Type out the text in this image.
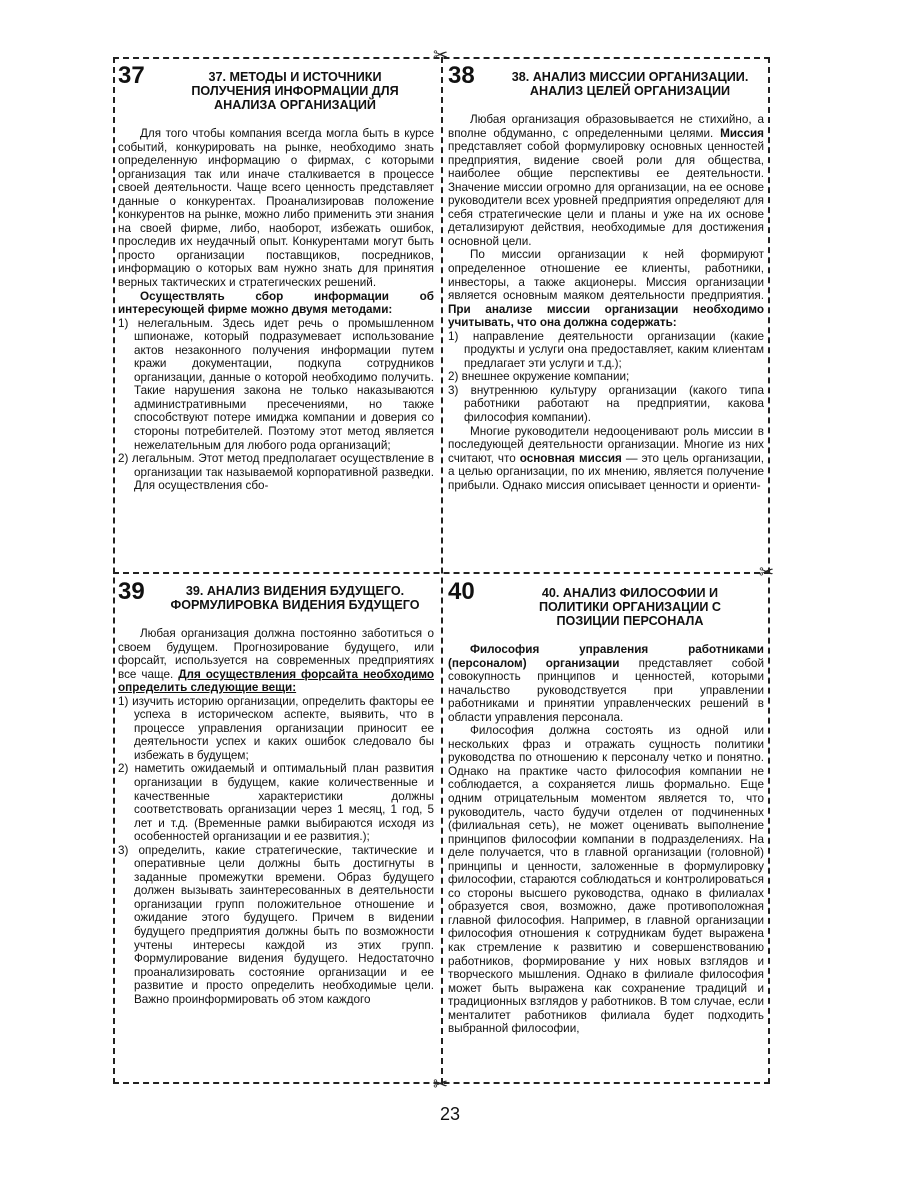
✂
✂
✂
37	37. МЕТОДЫ И ИСТОЧНИКИ ПОЛУЧЕНИЯ ИНФОРМАЦИИ ДЛЯ АНАЛИЗА ОРГАНИЗАЦИЙ

Для того чтобы компания всегда могла быть в курсе событий, конкурировать на рынке, необходимо знать определенную информацию о фирмах, с которыми организация так или иначе сталкивается в процессе своей деятельности. Чаще всего ценность представляет данные о конкурентах. Проанализировав положение конкурентов на рынке, можно либо применить эти знания на своей фирме, либо, наоборот, избежать ошибок, проследив их неудачный опыт. Конкурентами могут быть просто организации поставщиков, посредников, информацию о которых вам нужно знать для принятия верных тактических и стратегических решений.

Осуществлять сбор информации об интересующей фирме можно двумя методами:

1) нелегальным. Здесь идет речь о промышленном шпионаже, который подразумевает использование актов незаконного получения информации путем кражи документации, подкупа сотрудников организации, данные о которой необходимо получить. Такие нарушения закона не только наказываются административными пресечениями, но также способствуют потере имиджа компании и доверия со стороны потребителей. Поэтому этот метод является нежелательным для любого рода организаций;
2) легальным. Этот метод предполагает осуществление в организации так называемой корпоративной разведки. Для осуществления сбо-
38	38. АНАЛИЗ МИССИИ ОРГАНИЗАЦИИ. АНАЛИЗ ЦЕЛЕЙ ОРГАНИЗАЦИИ

Любая организация образовывается не стихийно, а вполне обдуманно, с определенными целями. Миссия представляет собой формулировку основных ценностей предприятия, видение своей роли для общества, наиболее общие перспективы ее деятельности. Значение миссии огромно для организации, на ее основе руководители всех уровней предприятия определяют для себя стратегические цели и планы и уже на их основе детализируют действия, необходимые для достижения основной цели.

По миссии организации к ней формируют определенное отношение ее клиенты, работники, инвесторы, а также акционеры. Миссия организации является основным маяком деятельности предприятия. При анализе миссии организации необходимо учитывать, что она должна содержать:

1) направление деятельности организации (какие продукты и услуги она предоставляет, каким клиентам предлагает эти услуги и т.д.);
2) внешнее окружение компании;
3) внутреннюю культуру организации (какого типа работники работают на предприятии, какова философия компании).

Многие руководители недооценивают роль миссии в последующей деятельности организации. Многие из них считают, что основная миссия — это цель организации, а целью организации, по их мнению, является получение прибыли. Однако миссия описывает ценности и ориенти-

39	39. АНАЛИЗ ВИДЕНИЯ БУДУЩЕГО. ФОРМУЛИРОВКА ВИДЕНИЯ БУДУЩЕГО

Любая организация должна постоянно заботиться о своем будущем. Прогнозирование будущего, или форсайт, используется на современных предприятиях все чаще. Для осуществления форсайта необходимо определить следующие вещи:

1) изучить историю организации, определить факторы ее успеха в историческом аспекте, выявить, что в процессе управления организации приносит ее деятельности успех и каких ошибок следовало бы избежать в будущем;
2) наметить ожидаемый и оптимальный план развития организации в будущем, какие количественные и качественные характеристики должны соответствовать организации через 1 месяц, 1 год, 5 лет и т.д. (Временные рамки выбираются исходя из особенностей организации и ее развития.);
3) определить, какие стратегические, тактические и оперативные цели должны быть достигнуты в заданные промежутки времени. Образ будущего должен вызывать заинтересованных в деятельности организации групп положительное отношение и ожидание этого будущего. Причем в видении будущего предприятия должны быть по возможности учтены интересы каждой из этих групп. Формулирование видения будущего. Недостаточно проанализировать состояние организации и ее развитие и просто определить необходимые цели. Важно проинформировать об этом каждого
40	40. АНАЛИЗ ФИЛОСОФИИ И ПОЛИТИКИ ОРГАНИЗАЦИИ С ПОЗИЦИИ ПЕРСОНАЛА

Философия управления работниками (персоналом) организации представляет собой совокупность принципов и ценностей, которыми начальство руководствуется при управлении работниками и принятии управленческих решений в области управления персонала.

Философия должна состоять из одной или нескольких фраз и отражать сущность политики руководства по отношению к персоналу четко и понятно. Однако на практике часто философия компании не соблюдается, а сохраняется лишь формально. Еще одним отрицательным моментом является то, что руководитель, часто будучи отделен от подчиненных (филиальная сеть), не может оценивать выполнение принципов философии компании в подразделениях. На деле получается, что в главной организации (головной) принципы и ценности, заложенные в формулировку философии, стараются соблюдаться и контролироваться со стороны высшего руководства, однако в филиалах образуется своя, возможно, даже противоположная главной философия. Например, в главной организации философия отношения к сотрудникам будет выражена как стремление к развитию и совершенствованию работников, формирование у них новых взглядов и творческого мышления. Однако в филиале философия может быть выражена как сохранение традиций и традиционных взглядов у работников. В том случае, если менталитет работников филиала будет подходить выбранной философии,

23
